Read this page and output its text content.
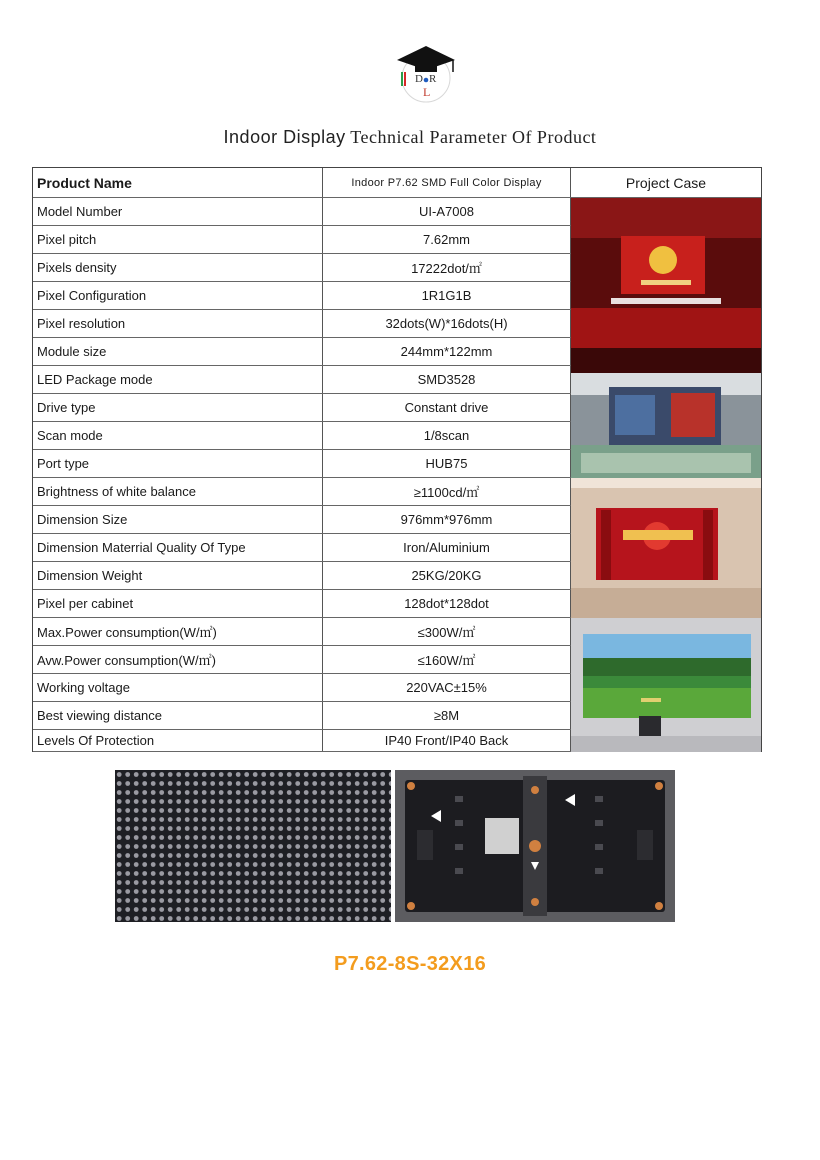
D R
L
Indoor Display Technical Parameter Of Product
Product Name	Indoor P7.62 SMD Full Color Display	Project Case
Model Number	UI-A7008
Pixel pitch	7.62mm
Pixels density	17222dot/㎡
Pixel Configuration	1R1G1B
Pixel resolution	32dots(W)*16dots(H)
Module size	244mm*122mm
LED Package mode	SMD3528
Drive type	Constant drive
Scan mode	1/8scan
Port type	HUB75
Brightness of white balance	≥1100cd/㎡
Dimension Size	976mm*976mm
Dimension Materrial Quality Of Type	Iron/Aluminium
Dimension Weight	25KG/20KG
Pixel per cabinet	128dot*128dot
Max.Power consumption(W/㎡)	≤300W/㎡
Avw.Power consumption(W/㎡)	≤160W/㎡
Working voltage	220VAC±15%
Best viewing distance	≥8M
Levels Of Protection	IP40 Front/IP40 Back
P7.62-8S-32X16
